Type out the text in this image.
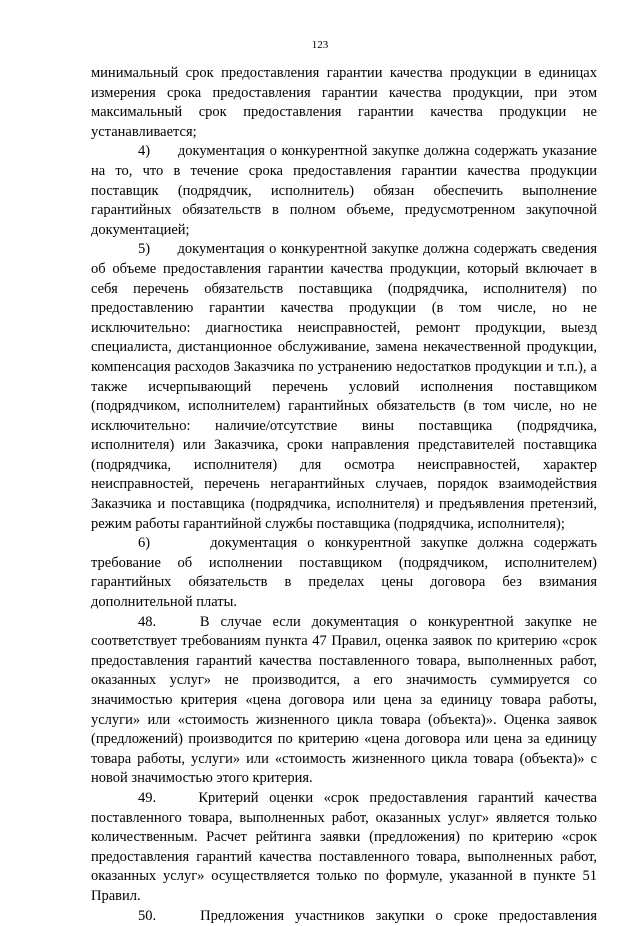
123

минимальный срок предоставления гарантии качества продукции в единицах измерения срока предоставления гарантии качества продукции, при этом максимальный срок предоставления гарантии качества продукции не устанавливается;

4)      документация о конкурентной закупке должна содержать указание на то, что в течение срока предоставления гарантии качества продукции поставщик (подрядчик, исполнитель) обязан обеспечить выполнение гарантийных обязательств в полном объеме, предусмотренном закупочной документацией;

5)      документация о конкурентной закупке должна содержать сведения об объеме предоставления гарантии качества продукции, который включает в себя перечень обязательств поставщика (подрядчика, исполнителя) по предоставлению гарантии качества продукции (в том числе, но не исключительно: диагностика неисправностей, ремонт продукции, выезд специалиста, дистанционное обслуживание, замена некачественной продукции, компенсация расходов Заказчика по устранению недостатков продукции и т.п.), а также исчерпывающий перечень условий исполнения поставщиком (подрядчиком, исполнителем) гарантийных обязательств (в том числе, но не исключительно: наличие/отсутствие вины поставщика (подрядчика, исполнителя) или Заказчика, сроки направления представителей поставщика (подрядчика, исполнителя) для осмотра неисправностей, характер неисправностей, перечень негарантийных случаев, порядок взаимодействия Заказчика и поставщика (подрядчика, исполнителя) и предъявления претензий, режим работы гарантийной службы поставщика (подрядчика, исполнителя);

6)      документация о конкурентной закупке должна содержать требование об исполнении поставщиком (подрядчиком, исполнителем) гарантийных обязательств в пределах цены договора без взимания дополнительной платы.

48.    В случае если документация о конкурентной закупке не соответствует требованиям пункта 47 Правил, оценка заявок по критерию «срок предоставления гарантий качества поставленного товара, выполненных работ, оказанных услуг» не производится, а его значимость суммируется со значимостью критерия «цена договора или цена за единицу товара работы, услуги» или «стоимость жизненного цикла товара (объекта)». Оценка заявок (предложений) производится по критерию «цена договора или цена за единицу товара работы, услуги» или «стоимость жизненного цикла товара (объекта)» с новой значимостью этого критерия.

49.    Критерий оценки «срок предоставления гарантий качества поставленного товара, выполненных работ, оказанных услуг» является только количественным. Расчет рейтинга заявки (предложения) по критерию «срок предоставления гарантий качества поставленного товара, выполненных работ, оказанных услуг» осуществляется только по формуле, указанной в пункте 51 Правил.

50.    Предложения участников закупки о сроке предоставления
